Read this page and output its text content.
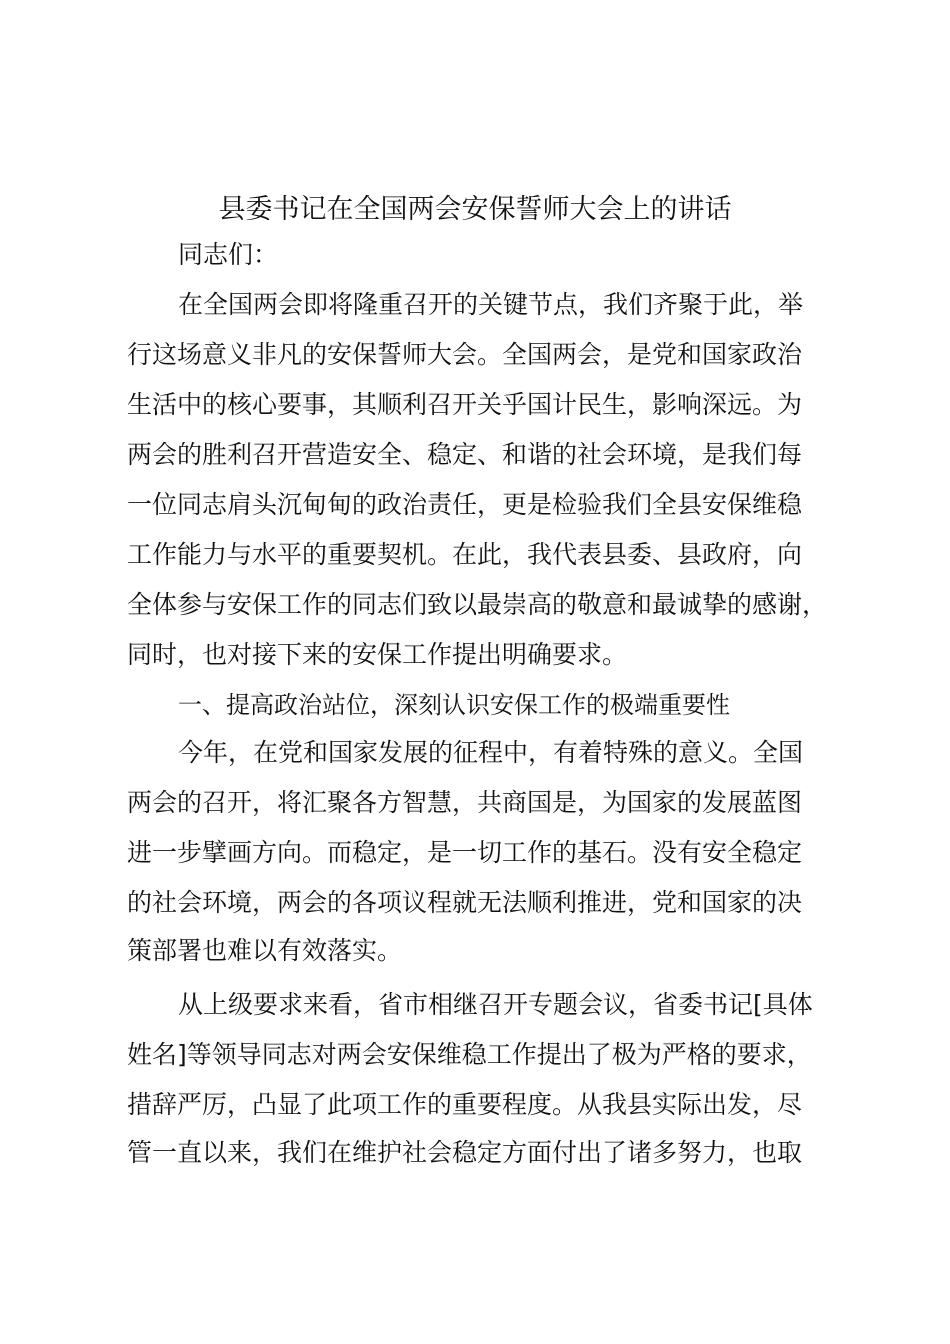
县委书记在全国两会安保誓师大会上的讲话
同志们：
在全国两会即将隆重召开的关键节点，我们齐聚于此，举
行这场意义非凡的安保誓师大会。全国两会，是党和国家政治
生活中的核心要事，其顺利召开关乎国计民生，影响深远。为
两会的胜利召开营造安全、稳定、和谐的社会环境，是我们每
一位同志肩头沉甸甸的政治责任，更是检验我们全县安保维稳
工作能力与水平的重要契机。在此，我代表县委、县政府，向
全体参与安保工作的同志们致以最崇高的敬意和最诚挚的感谢，
同时，也对接下来的安保工作提出明确要求。
一、提高政治站位，深刻认识安保工作的极端重要性
今年，在党和国家发展的征程中，有着特殊的意义。全国
两会的召开，将汇聚各方智慧，共商国是，为国家的发展蓝图
进一步擘画方向。而稳定，是一切工作的基石。没有安全稳定
的社会环境，两会的各项议程就无法顺利推进，党和国家的决
策部署也难以有效落实。
从上级要求来看，省市相继召开专题会议，省委书记[具体
姓名]等领导同志对两会安保维稳工作提出了极为严格的要求，
措辞严厉，凸显了此项工作的重要程度。从我县实际出发，尽
管一直以来，我们在维护社会稳定方面付出了诸多努力，也取
